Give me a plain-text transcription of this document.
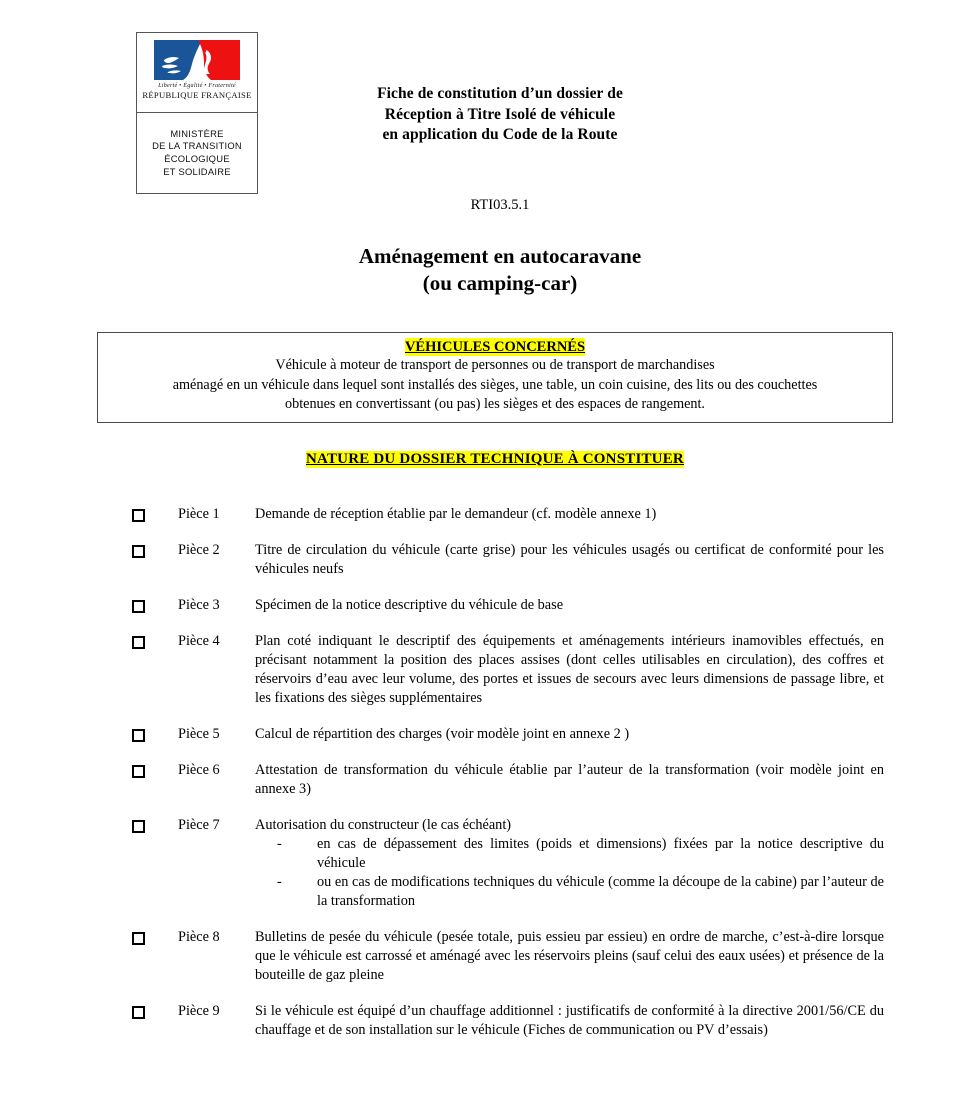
Liberté • Égalité • Fraternité
RÉPUBLIQUE FRANÇAISE
MINISTÈRE
DE LA TRANSITION
ÉCOLOGIQUE
ET SOLIDAIRE
Fiche de constitution d’un dossier de
Réception à Titre Isolé de véhicule
en application du Code de la Route
RTI03.5.1
Aménagement en autocaravane
(ou camping-car)
VÉHICULES CONCERNÉS
Véhicule à moteur de transport de personnes ou de transport de marchandises
aménagé en un véhicule dans lequel sont installés des sièges, une table, un coin cuisine, des lits ou des couchettes
obtenues en convertissant (ou pas) les sièges et des espaces de rangement.
NATURE DU DOSSIER TECHNIQUE À CONSTITUER
Pièce 1 Demande de réception établie par le demandeur (cf. modèle annexe 1)
Pièce 2 Titre de circulation du véhicule (carte grise) pour les véhicules usagés ou certificat de conformité pour les véhicules neufs
Pièce 3 Spécimen de la notice descriptive du véhicule de base
Pièce 4 Plan coté indiquant le descriptif des équipements et aménagements intérieurs inamovibles effectués, en précisant notamment la position des places assises (dont celles utilisables en circulation), des coffres et réservoirs d’eau avec leur volume, des portes et issues de secours avec leurs dimensions de passage libre, et les fixations des sièges supplémentaires
Pièce 5 Calcul de répartition des charges (voir modèle joint en annexe 2 )
Pièce 6 Attestation de transformation du véhicule établie par l’auteur de la transformation (voir modèle joint en annexe 3)
Pièce 7 Autorisation du constructeur (le cas échéant)
- en cas de dépassement des limites (poids et dimensions) fixées par la notice descriptive du véhicule
- ou en cas de modifications techniques du véhicule (comme la découpe de la cabine) par l’auteur de la transformation
Pièce 8 Bulletins de pesée du véhicule (pesée totale, puis essieu par essieu) en ordre de marche, c’est-à-dire lorsque que le véhicule est carrossé et aménagé avec les réservoirs pleins (sauf celui des eaux usées) et présence de la bouteille de gaz pleine
Pièce 9 Si le véhicule est équipé d’un chauffage additionnel : justificatifs de conformité à la directive 2001/56/CE du chauffage et de son installation sur le véhicule (Fiches de communication ou PV d’essais)
